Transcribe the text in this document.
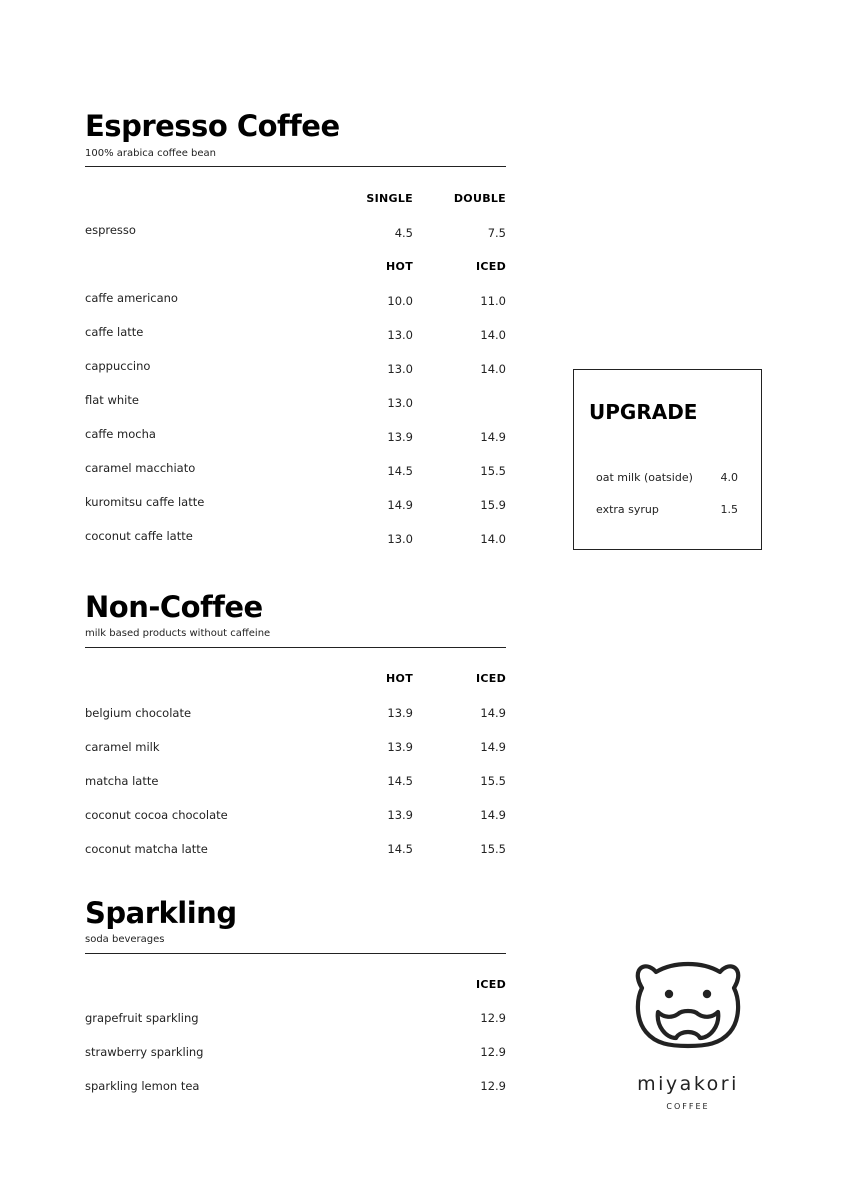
Espresso Coffee
100% arabica coffee bean
SINGLE	DOUBLE
espresso	4.5	7.5
HOT	ICED
caffe americano	10.0	11.0
caffe latte	13.0	14.0
cappuccino	13.0	14.0
flat white	13.0
caffe mocha	13.9	14.9
caramel macchiato	14.5	15.5
kuromitsu caffe latte	14.9	15.9
coconut caffe latte	13.0	14.0
Non-Coffee
milk based products without caffeine
HOT	ICED
belgium chocolate	13.9	14.9
caramel milk	13.9	14.9
matcha latte	14.5	15.5
coconut cocoa chocolate	13.9	14.9
coconut matcha latte	14.5	15.5
Sparkling
soda beverages
ICED
grapefruit sparkling	12.9
strawberry sparkling	12.9
sparkling lemon tea	12.9
UPGRADE
oat milk (oatside)	4.0
extra syrup	1.5
miyakori
COFFEE
